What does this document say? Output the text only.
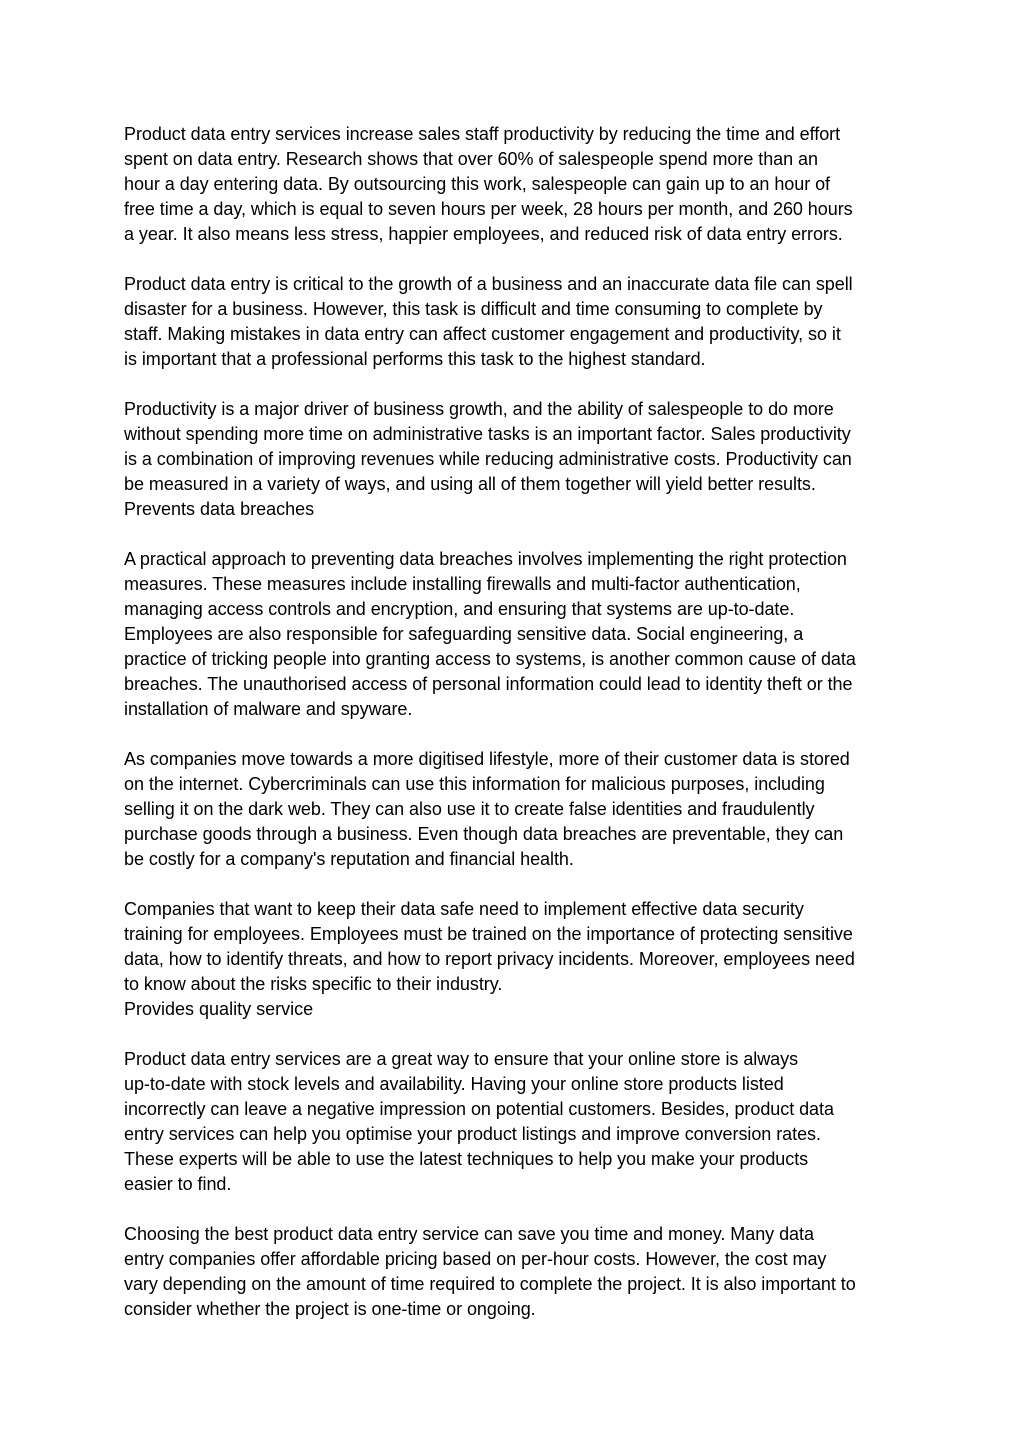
Product data entry services increase sales staff productivity by reducing the time and effort
spent on data entry. Research shows that over 60% of salespeople spend more than an
hour a day entering data. By outsourcing this work, salespeople can gain up to an hour of
free time a day, which is equal to seven hours per week, 28 hours per month, and 260 hours
a year. It also means less stress, happier employees, and reduced risk of data entry errors.
Product data entry is critical to the growth of a business and an inaccurate data file can spell
disaster for a business. However, this task is difficult and time consuming to complete by
staff. Making mistakes in data entry can affect customer engagement and productivity, so it
is important that a professional performs this task to the highest standard.
Productivity is a major driver of business growth, and the ability of salespeople to do more
without spending more time on administrative tasks is an important factor. Sales productivity
is a combination of improving revenues while reducing administrative costs. Productivity can
be measured in a variety of ways, and using all of them together will yield better results.
Prevents data breaches
A practical approach to preventing data breaches involves implementing the right protection
measures. These measures include installing firewalls and multi-factor authentication,
managing access controls and encryption, and ensuring that systems are up-to-date.
Employees are also responsible for safeguarding sensitive data. Social engineering, a
practice of tricking people into granting access to systems, is another common cause of data
breaches. The unauthorised access of personal information could lead to identity theft or the
installation of malware and spyware.
As companies move towards a more digitised lifestyle, more of their customer data is stored
on the internet. Cybercriminals can use this information for malicious purposes, including
selling it on the dark web. They can also use it to create false identities and fraudulently
purchase goods through a business. Even though data breaches are preventable, they can
be costly for a company's reputation and financial health.
Companies that want to keep their data safe need to implement effective data security
training for employees. Employees must be trained on the importance of protecting sensitive
data, how to identify threats, and how to report privacy incidents. Moreover, employees need
to know about the risks specific to their industry.
Provides quality service
Product data entry services are a great way to ensure that your online store is always
up-to-date with stock levels and availability. Having your online store products listed
incorrectly can leave a negative impression on potential customers. Besides, product data
entry services can help you optimise your product listings and improve conversion rates.
These experts will be able to use the latest techniques to help you make your products
easier to find.
Choosing the best product data entry service can save you time and money. Many data
entry companies offer affordable pricing based on per-hour costs. However, the cost may
vary depending on the amount of time required to complete the project. It is also important to
consider whether the project is one-time or ongoing.
